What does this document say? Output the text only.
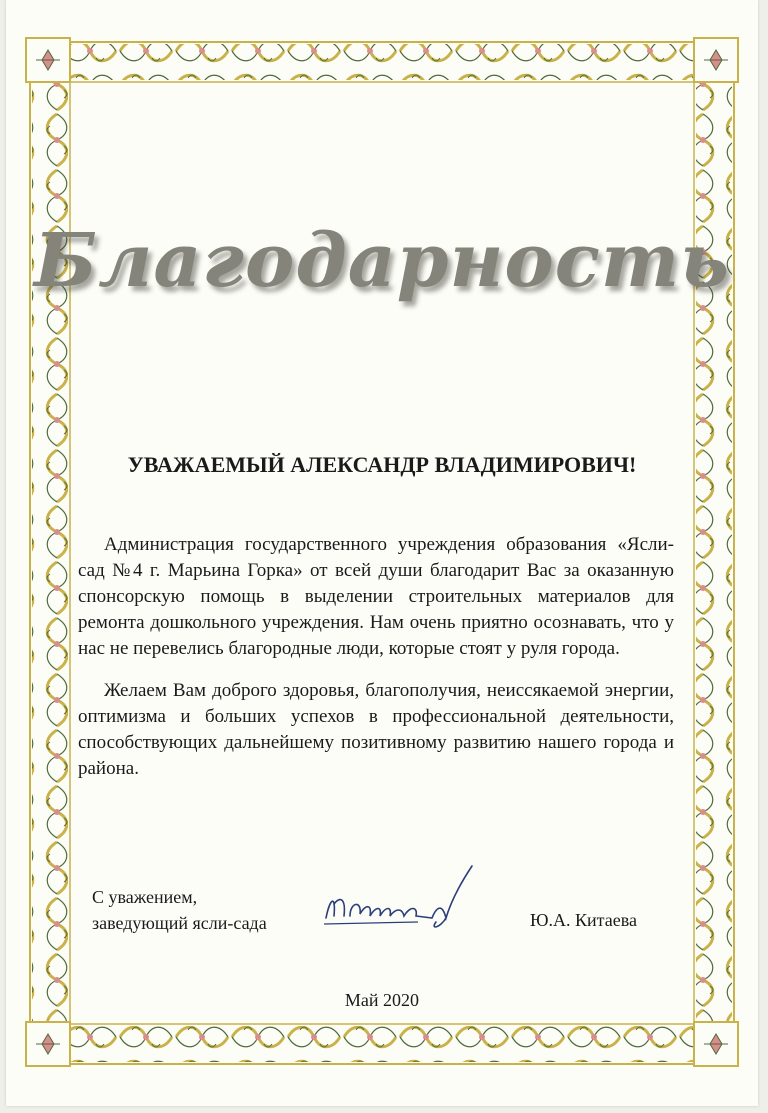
Благодарность
УВАЖАЕМЫЙ АЛЕКСАНДР ВЛАДИМИРОВИЧ!
Администрация государственного учреждения образования «Ясли-сад №4 г. Марьина Горка» от всей души благодарит Вас за оказанную спонсорскую помощь в выделении строительных материалов для ремонта дошкольного учреждения. Нам очень приятно осознавать, что у нас не перевелись благородные люди, которые стоят у руля города.
Желаем Вам доброго здоровья, благополучия, неиссякаемой энергии, оптимизма и больших успехов в профессиональной деятельности, способствующих дальнейшему позитивному развитию нашего города и района.
С уважением,
заведующий ясли-сада	Ю.А. Китаева
Май 2020
